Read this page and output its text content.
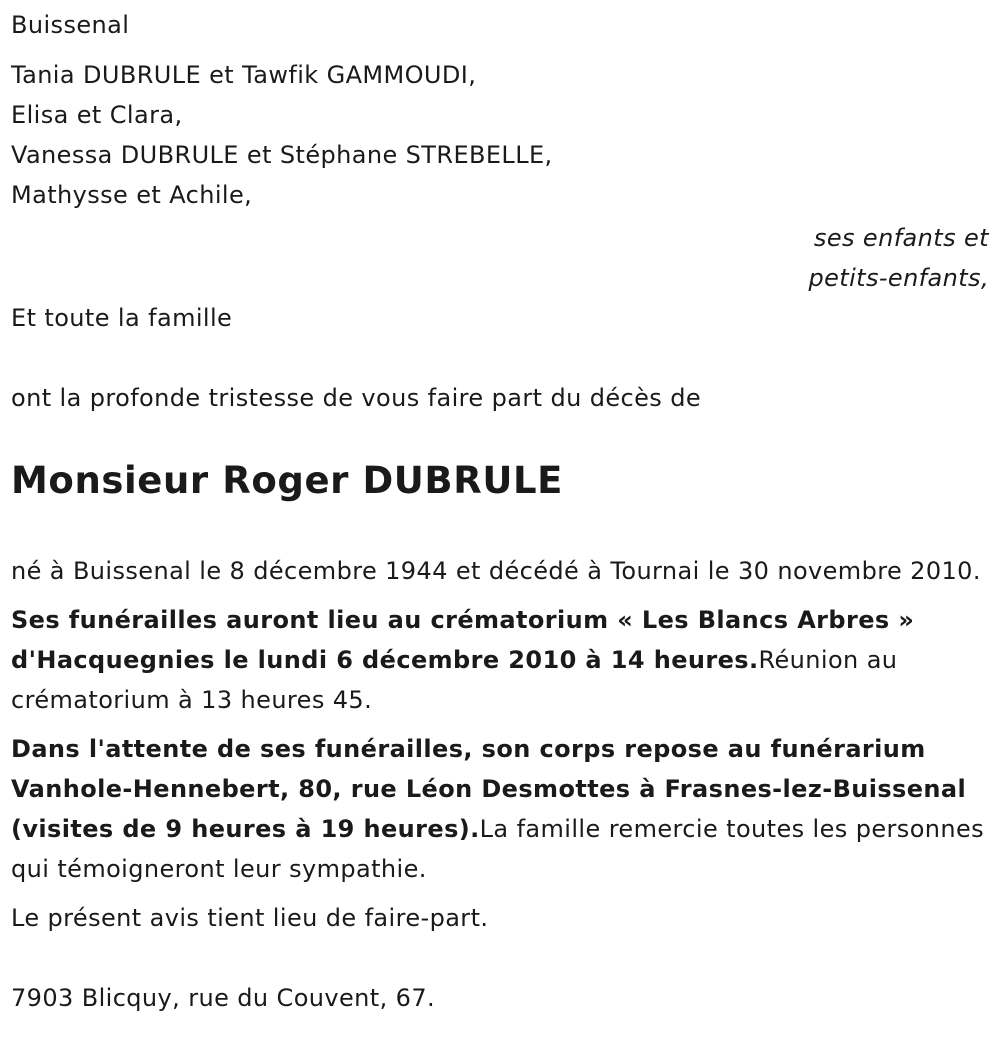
Buissenal

Tania DUBRULE et Tawfik GAMMOUDI,

Elisa et Clara,

Vanessa DUBRULE et Stéphane STREBELLE,

Mathysse et Achile,

ses enfants et

petits-enfants,

Et toute la famille

ont la profonde tristesse de vous faire part du décès de

Monsieur Roger DUBRULE

né à Buissenal le 8 décembre 1944 et décédé à Tournai le 30 novembre 2010.

Ses funérailles auront lieu au crématorium « Les Blancs Arbres » d'Hacquegnies le lundi 6 décembre 2010 à 14 heures.Réunion au crématorium à 13 heures 45.

Dans l'attente de ses funérailles, son corps repose au funérarium Vanhole-Hennebert, 80, rue Léon Desmottes à Frasnes-lez-Buissenal (visites de 9 heures à 19 heures).La famille remercie toutes les personnes qui témoigneront leur sympathie.

Le présent avis tient lieu de faire-part.

7903 Blicquy, rue du Couvent, 67.
